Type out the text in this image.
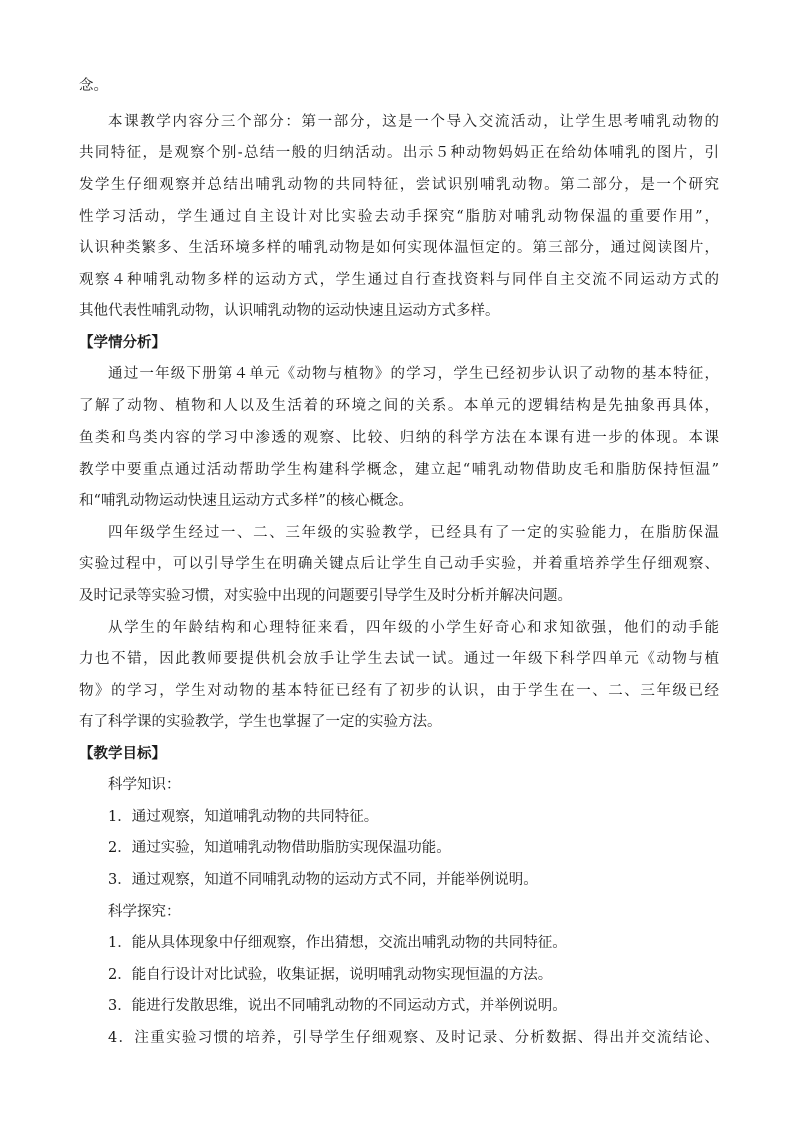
念。
本课教学内容分三个部分：第一部分，这是一个导入交流活动，让学生思考哺乳动物的
共同特征，是观察个别-总结一般的归纳活动。出示５种动物妈妈正在给幼体哺乳的图片，引
发学生仔细观察并总结出哺乳动物的共同特征，尝试识别哺乳动物。第二部分，是一个研究
性学习活动，学生通过自主设计对比实验去动手探究“脂肪对哺乳动物保温的重要作用”，
认识种类繁多、生活环境多样的哺乳动物是如何实现体温恒定的。第三部分，通过阅读图片，
观察４种哺乳动物多样的运动方式，学生通过自行查找资料与同伴自主交流不同运动方式的
其他代表性哺乳动物，认识哺乳动物的运动快速且运动方式多样。
【学情分析】
通过一年级下册第４单元《动物与植物》的学习，学生已经初步认识了动物的基本特征，
了解了动物、植物和人以及生活着的环境之间的关系。本单元的逻辑结构是先抽象再具体，
鱼类和鸟类内容的学习中渗透的观察、比较、归纳的科学方法在本课有进一步的体现。本课
教学中要重点通过活动帮助学生构建科学概念，建立起“哺乳动物借助皮毛和脂肪保持恒温”
和“哺乳动物运动快速且运动方式多样”的核心概念。
四年级学生经过一、二、三年级的实验教学，已经具有了一定的实验能力，在脂肪保温
实验过程中，可以引导学生在明确关键点后让学生自己动手实验，并着重培养学生仔细观察、
及时记录等实验习惯，对实验中出现的问题要引导学生及时分析并解决问题。
从学生的年龄结构和心理特征来看，四年级的小学生好奇心和求知欲强，他们的动手能
力也不错，因此教师要提供机会放手让学生去试一试。通过一年级下科学四单元《动物与植
物》的学习，学生对动物的基本特征已经有了初步的认识，由于学生在一、二、三年级已经
有了科学课的实验教学，学生也掌握了一定的实验方法。
【教学目标】
科学知识：
1．通过观察，知道哺乳动物的共同特征。
2．通过实验，知道哺乳动物借助脂肪实现保温功能。
3．通过观察，知道不同哺乳动物的运动方式不同，并能举例说明。
科学探究：
1．能从具体现象中仔细观察，作出猜想，交流出哺乳动物的共同特征。
2．能自行设计对比试验，收集证据，说明哺乳动物实现恒温的方法。
3．能进行发散思维，说出不同哺乳动物的不同运动方式，并举例说明。
4．注重实验习惯的培养，引导学生仔细观察、及时记录、分析数据、得出并交流结论、
